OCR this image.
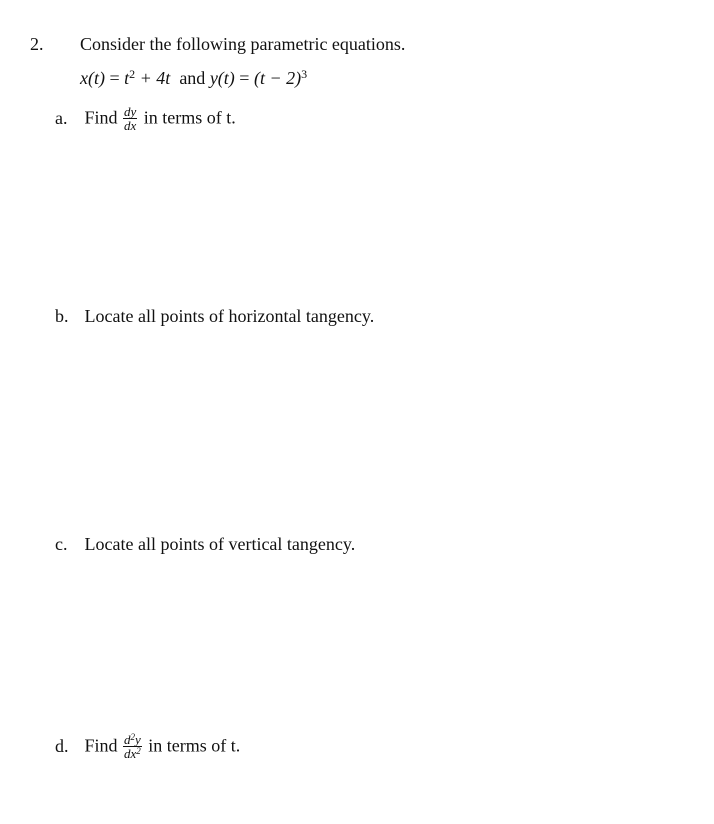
2. Consider the following parametric equations.
$x(t) = t^2 + 4t$ and $y(t) = (t - 2)^3$
a. Find $\frac{dy}{dx}$ in terms of t.
b. Locate all points of horizontal tangency.
c. Locate all points of vertical tangency.
d. Find $\frac{d^2y}{dx^2}$ in terms of t.
